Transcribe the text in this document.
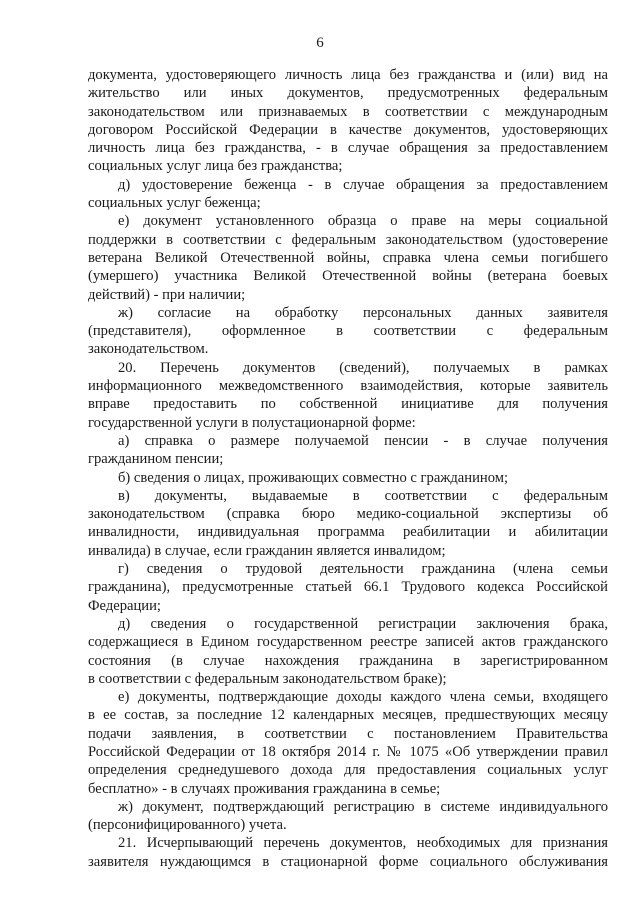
6
документа, удостоверяющего личность лица без гражданства и (или) вид на
жительство или иных документов, предусмотренных федеральным
законодательством или признаваемых в соответствии с международным
договором Российской Федерации в качестве документов, удостоверяющих
личность лица без гражданства, - в случае обращения за предоставлением
социальных услуг лица без гражданства;
д) удостоверение беженца - в случае обращения за предоставлением
социальных услуг беженца;
е) документ установленного образца о праве на меры социальной
поддержки в соответствии с федеральным законодательством (удостоверение
ветерана Великой Отечественной войны, справка члена семьи погибшего
(умершего) участника Великой Отечественной войны (ветерана боевых
действий) - при наличии;
ж) согласие на обработку персональных данных заявителя
(представителя), оформленное в соответствии с федеральным
законодательством.
20. Перечень документов (сведений), получаемых в рамках
информационного межведомственного взаимодействия, которые заявитель
вправе предоставить по собственной инициативе для получения
государственной услуги в полустационарной форме:
а) справка о размере получаемой пенсии - в случае получения
гражданином пенсии;
б) сведения о лицах, проживающих совместно с гражданином;
в) документы, выдаваемые в соответствии с федеральным
законодательством (справка бюро медико-социальной экспертизы об
инвалидности, индивидуальная программа реабилитации и абилитации
инвалида) в случае, если гражданин является инвалидом;
г) сведения о трудовой деятельности гражданина (члена семьи
гражданина), предусмотренные статьей 66.1 Трудового кодекса Российской
Федерации;
д) сведения о государственной регистрации заключения брака,
содержащиеся в Едином государственном реестре записей актов гражданского
состояния (в случае нахождения гражданина в зарегистрированном
в соответствии с федеральным законодательством браке);
е) документы, подтверждающие доходы каждого члена семьи, входящего
в ее состав, за последние 12 календарных месяцев, предшествующих месяцу
подачи заявления, в соответствии с постановлением Правительства
Российской Федерации от 18 октября 2014 г. № 1075 «Об утверждении правил
определения среднедушевого дохода для предоставления социальных услуг
бесплатно» - в случаях проживания гражданина в семье;
ж) документ, подтверждающий регистрацию в системе индивидуального
(персонифицированного) учета.
21. Исчерпывающий перечень документов, необходимых для признания
заявителя нуждающимся в стационарной форме социального обслуживания
